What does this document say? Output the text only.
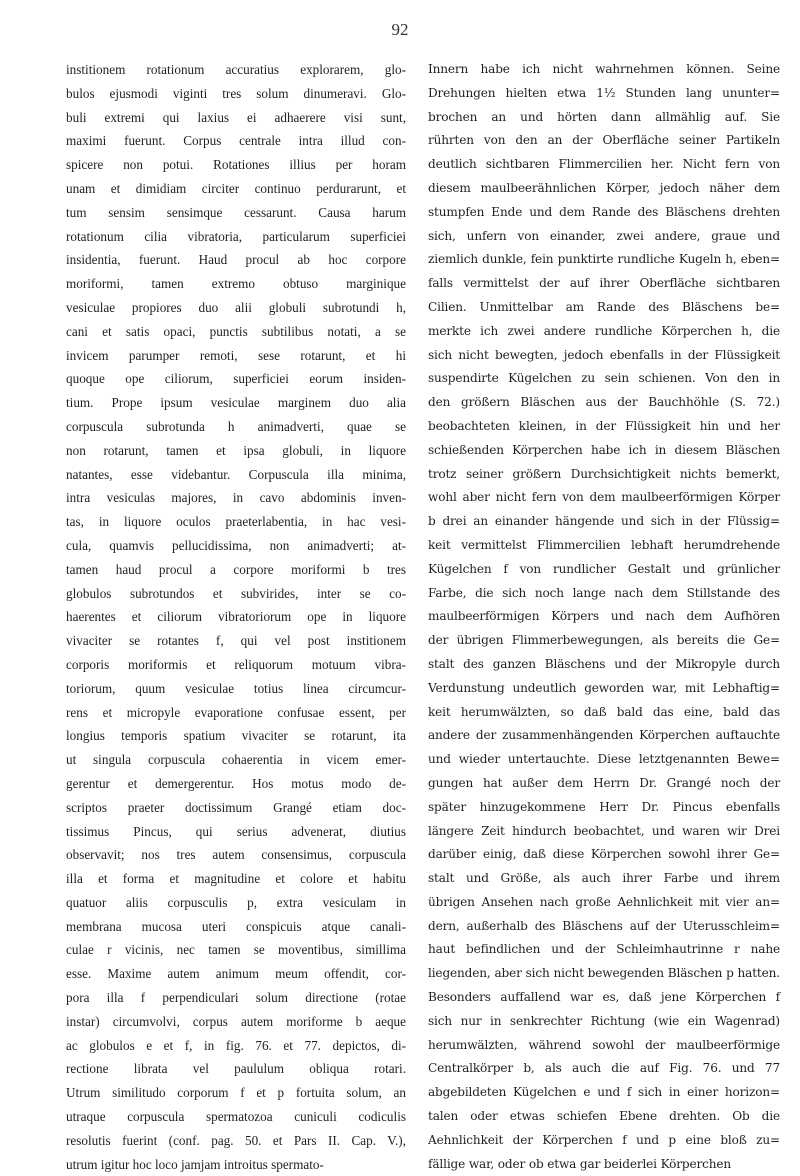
92
institionem rotationum accuratius explorarem, glo-
bulos ejusmodi viginti tres solum dinumeravi. Glo-
buli extremi qui laxius ei adhaerere visi sunt,
maximi fuerunt. Corpus centrale intra illud con-
spicere non potui. Rotationes illius per horam
unam et dimidiam circiter continuo perdurarunt, et
tum sensim sensimque cessarunt. Causa harum
rotationum cilia vibratoria, particularum superficiei
insidentia, fuerunt. Haud procul ab hoc corpore
moriformi, tamen extremo obtuso marginique
vesiculae propiores duo alii globuli subrotundi h,
cani et satis opaci, punctis subtilibus notati, a se
invicem parumper remoti, sese rotarunt, et hi
quoque ope ciliorum, superficiei eorum insiden-
tium. Prope ipsum vesiculae marginem duo alia
corpuscula subrotunda h animadverti, quae se
non rotarunt, tamen et ipsa globuli, in liquore
natantes, esse videbantur. Corpuscula illa minima,
intra vesiculas majores, in cavo abdominis inven-
tas, in liquore oculos praeterlabentia, in hac vesi-
cula, quamvis pellucidissima, non animadverti; at-
tamen haud procul a corpore moriformi b tres
globulos subrotundos et subvirides, inter se co-
haerentes et ciliorum vibratoriorum ope in liquore
vivaciter se rotantes f, qui vel post institionem
corporis moriformis et reliquorum motuum vibra-
toriorum, quum vesiculae totius linea circumcur-
rens et micropyle evaporatione confusae essent, per
longius temporis spatium vivaciter se rotarunt, ita
ut singula corpuscula cohaerentia in vicem emer-
gerentur et demergerentur. Hos motus modo de-
scriptos praeter doctissimum Grangé etiam doc-
tissimus Pincus, qui serius advenerat, diutius
observavit; nos tres autem consensimus, corpuscula
illa et forma et magnitudine et colore et habitu
quatuor aliis corpusculis p, extra vesiculam in
membrana mucosa uteri conspicuis atque canali-
culae r vicinis, nec tamen se moventibus, simillima
esse. Maxime autem animum meum offendit, cor-
pora illa f perpendiculari solum directione (rotae
instar) circumvolvi, corpus autem moriforme b aeque
ac globulos e et f, in fig. 76. et 77. depictos, di-
rectione librata vel paululum obliqua rotari.
Utrum similitudo corporum f et p fortuita solum, an
utraque corpuscula spermatozoa cuniculi codiculis
resolutis fuerint (conf. pag. 50. et Pars II. Cap. V.),
utrum igitur hoc loco jamjam introitus spermato-
Innern habe ich nicht wahrnehmen können. Seine
Drehungen hielten etwa 1½ Stunden lang ununter=
brochen an und hörten dann allmählig auf. Sie
rührten von den an der Oberfläche seiner Partikeln
deutlich sichtbaren Flimmercilien her. Nicht fern von
diesem maulbeerähnlichen Körper, jedoch näher dem
stumpfen Ende und dem Rande des Bläschens drehten
sich, unfern von einander, zwei andere, graue und
ziemlich dunkle, fein punktirte rundliche Kugeln h, eben=
falls vermittelst der auf ihrer Oberfläche sichtbaren
Cilien. Unmittelbar am Rande des Bläschens be=
merkte ich zwei andere rundliche Körperchen h, die
sich nicht bewegten, jedoch ebenfalls in der Flüssigkeit
suspendirte Kügelchen zu sein schienen. Von den in
den größern Bläschen aus der Bauchhöhle (S. 72.)
beobachteten kleinen, in der Flüssigkeit hin und her
schießenden Körperchen habe ich in diesem Bläschen
trotz seiner größern Durchsichtigkeit nichts bemerkt,
wohl aber nicht fern von dem maulbeerförmigen Körper
b drei an einander hängende und sich in der Flüssig=
keit vermittelst Flimmercilien lebhaft herumdrehende
Kügelchen f von rundlicher Gestalt und grünlicher
Farbe, die sich noch lange nach dem Stillstande des
maulbeerförmigen Körpers und nach dem Aufhören
der übrigen Flimmerbewegungen, als bereits die Ge=
stalt des ganzen Bläschens und der Mikropyle durch
Verdunstung undeutlich geworden war, mit Lebhaftig=
keit herumwälzten, so daß bald das eine, bald das
andere der zusammenhängenden Körperchen auftauchte
und wieder untertauchte. Diese letztgenannten Bewe=
gungen hat außer dem Herrn Dr. Grangé noch der
später hinzugekommene Herr Dr. Pincus ebenfalls
längere Zeit hindurch beobachtet, und waren wir Drei
darüber einig, daß diese Körperchen sowohl ihrer Ge=
stalt und Größe, als auch ihrer Farbe und ihrem
übrigen Ansehen nach große Aehnlichkeit mit vier an=
dern, außerhalb des Bläschens auf der Uterusschleim=
haut befindlichen und der Schleimhautrinne r nahe
liegenden, aber sich nicht bewegenden Bläschen p hatten.
Besonders auffallend war es, daß jene Körperchen f
sich nur in senkrechter Richtung (wie ein Wagenrad)
herumwälzten, während sowohl der maulbeerförmige
Centralkörper b, als auch die auf Fig. 76. und 77
abgebildeten Kügelchen e und f sich in einer horizon=
talen oder etwas schiefen Ebene drehten. Ob die
Aehnlichkeit der Körperchen f und p eine bloß zu=
fällige war, oder ob etwa gar beiderlei Körperchen
